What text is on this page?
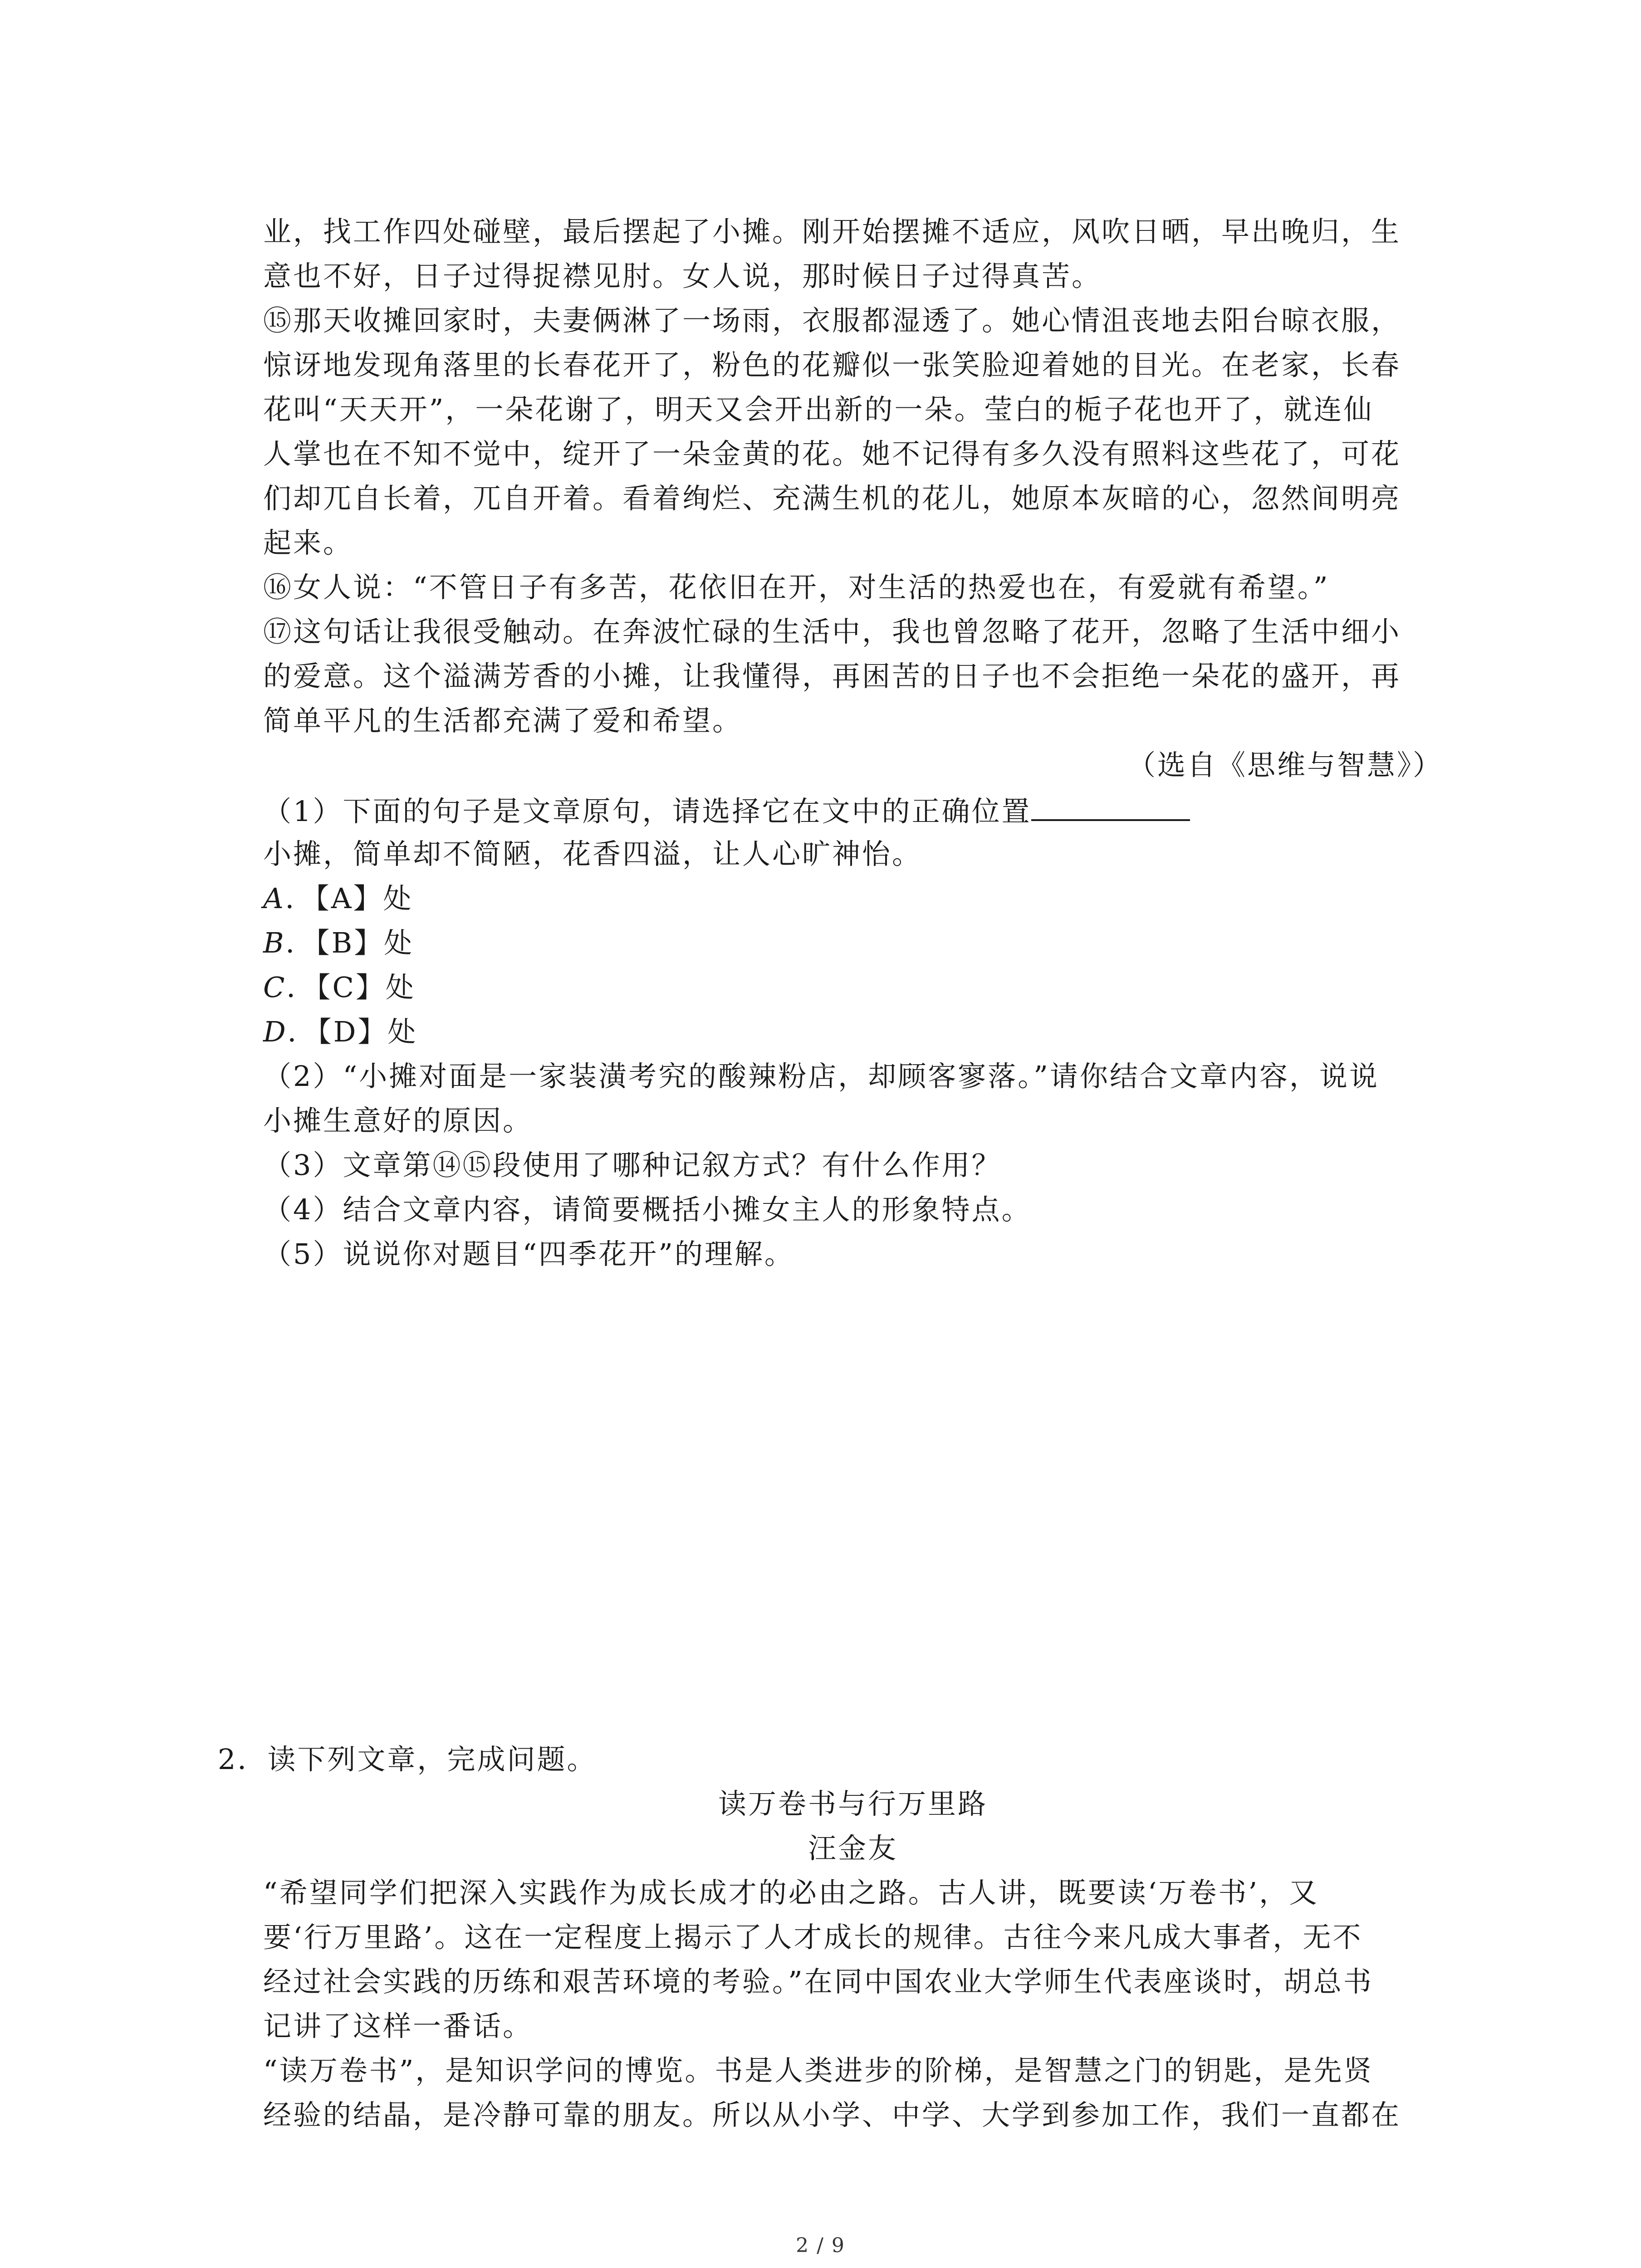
业，找工作四处碰壁，最后摆起了小摊。刚开始摆摊不适应，风吹日晒，早出晚归，生
意也不好，日子过得捉襟见肘。女人说，那时候日子过得真苦。
⑮那天收摊回家时，夫妻俩淋了一场雨，衣服都湿透了。她心情沮丧地去阳台晾衣服，
惊讶地发现角落里的长春花开了，粉色的花瓣似一张笑脸迎着她的目光。在老家，长春
花叫“天天开”，一朵花谢了，明天又会开出新的一朵。莹白的栀子花也开了，就连仙
人掌也在不知不觉中，绽开了一朵金黄的花。她不记得有多久没有照料这些花了，可花
们却兀自长着，兀自开着。看着绚烂、充满生机的花儿，她原本灰暗的心，忽然间明亮
起来。
⑯女人说：“不管日子有多苦，花依旧在开，对生活的热爱也在，有爱就有希望。”
⑰这句话让我很受触动。在奔波忙碌的生活中，我也曾忽略了花开，忽略了生活中细小
的爱意。这个溢满芳香的小摊，让我懂得，再困苦的日子也不会拒绝一朵花的盛开，再
简单平凡的生活都充满了爱和希望。
（选自《思维与智慧》）
（1）下面的句子是文章原句，请选择它在文中的正确位置
小摊，简单却不简陋，花香四溢，让人心旷神怡。
A．【A】处
B．【B】处
C．【C】处
D．【D】处
（2）“小摊对面是一家装潢考究的酸辣粉店，却顾客寥落。”请你结合文章内容，说说
小摊生意好的原因。
（3）文章第⑭⑮段使用了哪种记叙方式？有什么作用？
（4）结合文章内容，请简要概括小摊女主人的形象特点。
（5）说说你对题目“四季花开”的理解。
2．读下列文章，完成问题。
读万卷书与行万里路
汪金友
“希望同学们把深入实践作为成长成才的必由之路。古人讲，既要读‘万卷书’，又
要‘行万里路’。这在一定程度上揭示了人才成长的规律。古往今来凡成大事者，无不
经过社会实践的历练和艰苦环境的考验。”在同中国农业大学师生代表座谈时，胡总书
记讲了这样一番话。
“读万卷书”，是知识学问的博览。书是人类进步的阶梯，是智慧之门的钥匙，是先贤
经验的结晶，是冷静可靠的朋友。所以从小学、中学、大学到参加工作，我们一直都在
2 / 9
